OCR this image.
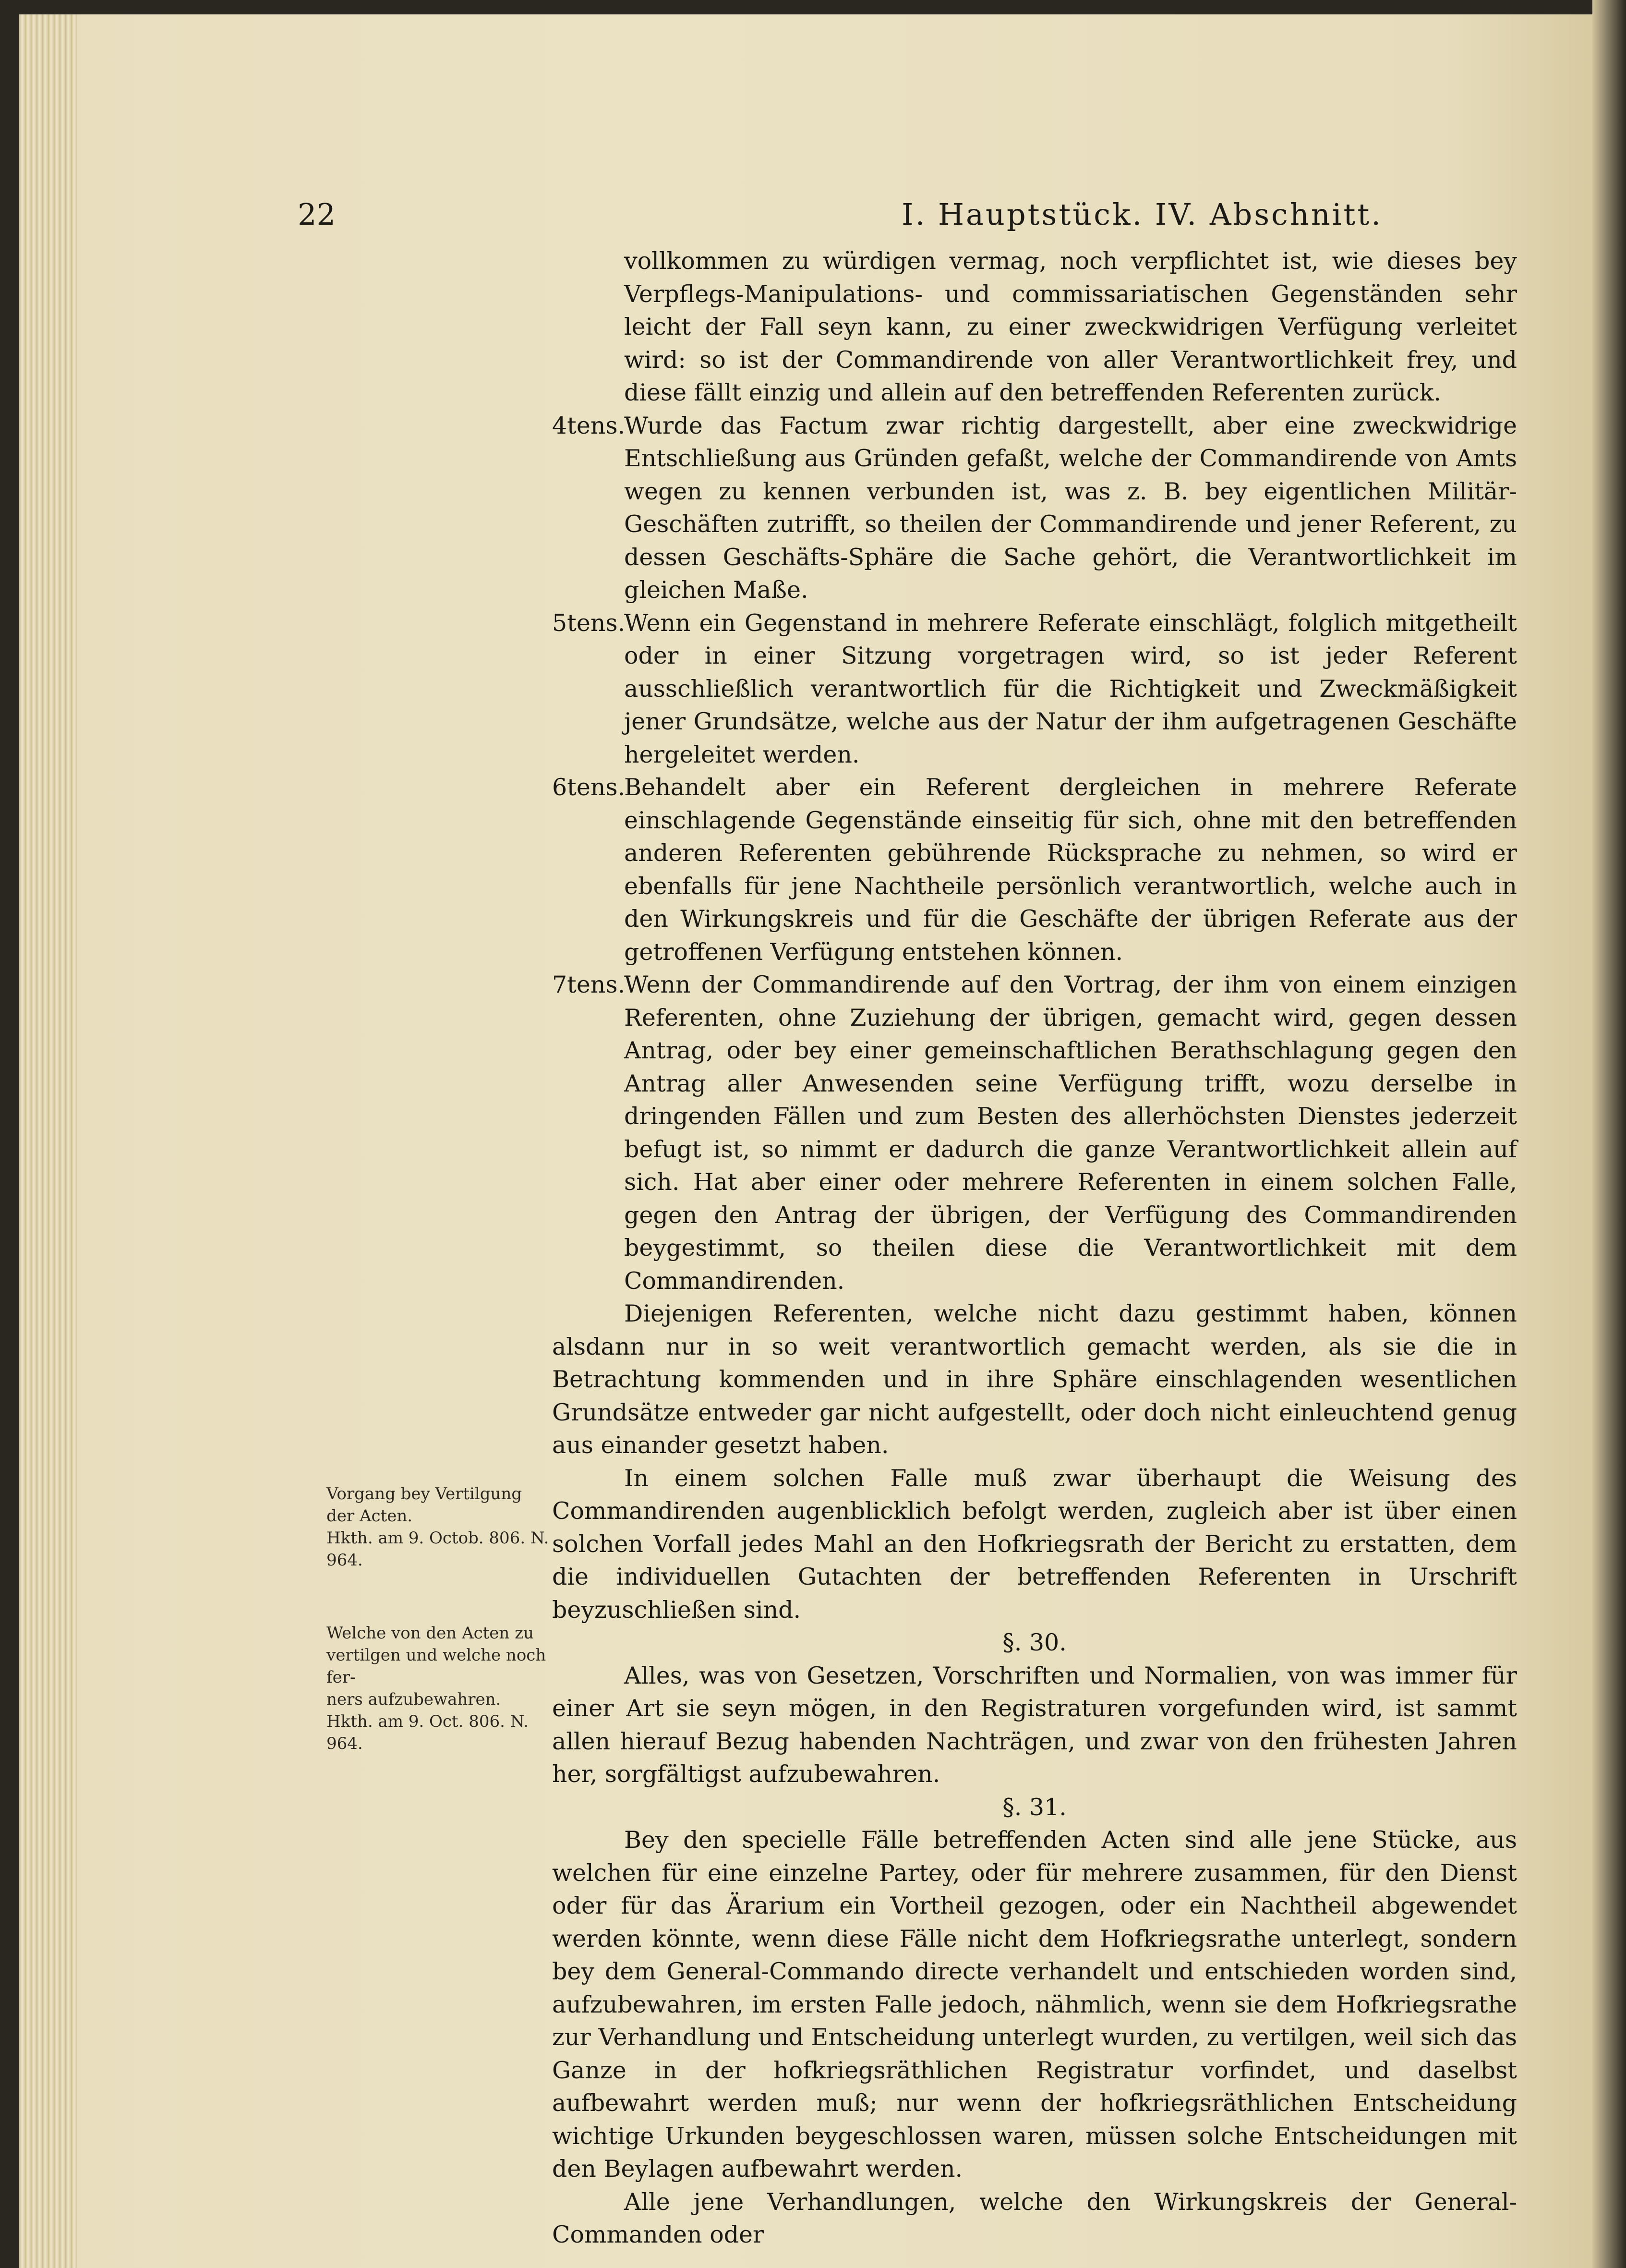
22	I. Hauptstück. IV. Abschnitt.
Vorgang bey Vertilgung
der Acten.
Hkth. am 9. Octob. 806. N. 964.
Welche von den Acten zu
vertilgen und welche noch fer-
ners aufzubewahren.
Hkth. am 9. Oct. 806. N. 964.

vollkommen zu würdigen vermag, noch verpflichtet ist, wie dieses bey Verpflegs-Manipulations- und commissariatischen Gegenständen sehr leicht der Fall seyn kann, zu einer zweckwidrigen Verfügung verleitet wird: so ist der Commandirende von aller Verantwortlichkeit frey, und diese fällt einzig und allein auf den betreffenden Referenten zurück.

4tens.
Wurde das Factum zwar richtig dargestellt, aber eine zweckwidrige Entschließung aus Gründen gefaßt, welche der Commandirende von Amts wegen zu kennen verbunden ist, was z. B. bey eigentlichen Militär-Geschäften zutrifft, so theilen der Commandirende und jener Referent, zu dessen Geschäfts-Sphäre die Sache gehört, die Verantwortlichkeit im gleichen Maße.

5tens.
Wenn ein Gegenstand in mehrere Referate einschlägt, folglich mitgetheilt oder in einer Sitzung vorgetragen wird, so ist jeder Referent ausschließlich verantwortlich für die Richtigkeit und Zweckmäßigkeit jener Grundsätze, welche aus der Natur der ihm aufgetragenen Geschäfte hergeleitet werden.

6tens.
Behandelt aber ein Referent dergleichen in mehrere Referate einschlagende Gegenstände einseitig für sich, ohne mit den betreffenden anderen Referenten gebührende Rücksprache zu nehmen, so wird er ebenfalls für jene Nachtheile persönlich verantwortlich, welche auch in den Wirkungskreis und für die Geschäfte der übrigen Referate aus der getroffenen Verfügung entstehen können.

7tens.
Wenn der Commandirende auf den Vortrag, der ihm von einem einzigen Referenten, ohne Zuziehung der übrigen, gemacht wird, gegen dessen Antrag, oder bey einer gemeinschaftlichen Berathschlagung gegen den Antrag aller Anwesenden seine Verfügung trifft, wozu derselbe in dringenden Fällen und zum Besten des allerhöchsten Dienstes jederzeit befugt ist, so nimmt er dadurch die ganze Verantwortlichkeit allein auf sich. Hat aber einer oder mehrere Referenten in einem solchen Falle, gegen den Antrag der übrigen, der Verfügung des Commandirenden beygestimmt, so theilen diese die Verantwortlichkeit mit dem Commandirenden.

Diejenigen Referenten, welche nicht dazu gestimmt haben, können alsdann nur in so weit verantwortlich gemacht werden, als sie die in Betrachtung kommenden und in ihre Sphäre einschlagenden wesentlichen Grundsätze entweder gar nicht aufgestellt, oder doch nicht einleuchtend genug aus einander gesetzt haben.

In einem solchen Falle muß zwar überhaupt die Weisung des Commandirenden augenblicklich befolgt werden, zugleich aber ist über einen solchen Vorfall jedes Mahl an den Hofkriegsrath der Bericht zu erstatten, dem die individuellen Gutachten der betreffenden Referenten in Urschrift beyzuschließen sind.

§. 30.

Alles, was von Gesetzen, Vorschriften und Normalien, von was immer für einer Art sie seyn mögen, in den Registraturen vorgefunden wird, ist sammt allen hierauf Bezug habenden Nachträgen, und zwar von den frühesten Jahren her, sorgfältigst aufzubewahren.

§. 31.

Bey den specielle Fälle betreffenden Acten sind alle jene Stücke, aus welchen für eine einzelne Partey, oder für mehrere zusammen, für den Dienst oder für das Ärarium ein Vortheil gezogen, oder ein Nachtheil abgewendet werden könnte, wenn diese Fälle nicht dem Hofkriegsrathe unterlegt, sondern bey dem General-Commando directe verhandelt und entschieden worden sind, aufzubewahren, im ersten Falle jedoch, nähmlich, wenn sie dem Hofkriegsrathe zur Verhandlung und Entscheidung unterlegt wurden, zu vertilgen, weil sich das Ganze in der hofkriegsräthlichen Registratur vorfindet, und daselbst aufbewahrt werden muß; nur wenn der hofkriegsräthlichen Entscheidung wichtige Urkunden beygeschlossen waren, müssen solche Entscheidungen mit den Beylagen aufbewahrt werden.

Alle jene Verhandlungen, welche den Wirkungskreis der General-Commanden oder
